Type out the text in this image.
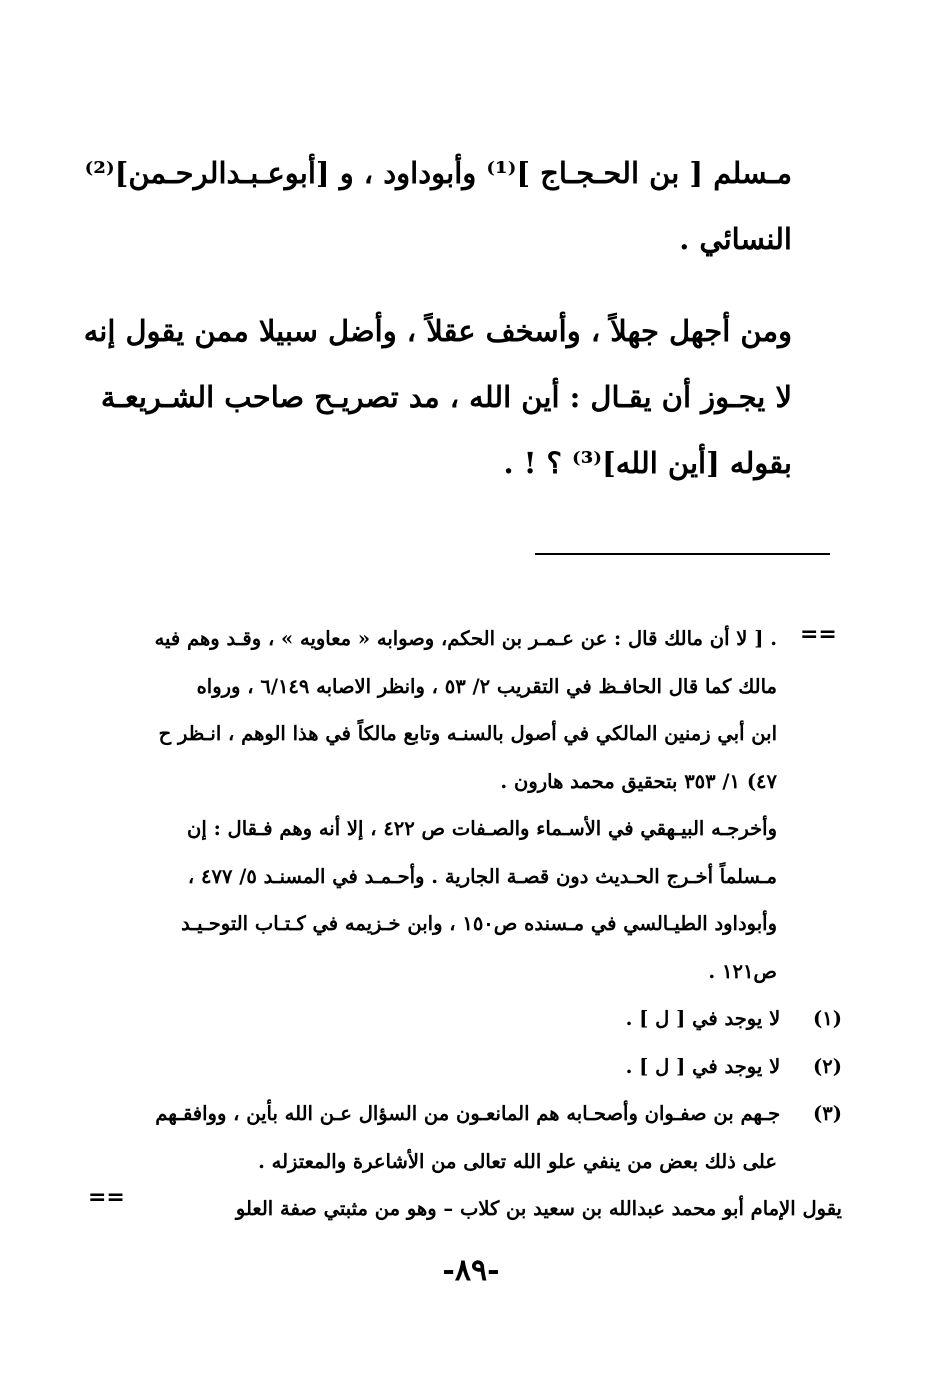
مـسلم [ بن الحـجـاج ]⁽¹⁾ وأبوداود ، و [أبوعـبـدالرحـمن]⁽²⁾
النسائي .
ومن أجهل جهلاً ، وأسخف عقلاً ، وأضل سبيلا ممن يقول إنه
لا يجـوز أن يقـال : أين الله ، مد تصريـح صاحب الشـريعـة
بقوله [أين الله]⁽³⁾ ؟ ! .
==
. [ لا أن مالك قال : عن عـمـر بن الحكم، وصوابه « معاويه » ، وقـد وهم فيه
مالك كما قال الحافـظ في التقريب ٢/ ٥٣ ، وانظر الاصابه ٦/١٤٩ ، ورواه
ابن أبي زمنين المالكي في أصول بالسنـه وتابع مالكاً في هذا الوهم ، انـظر ح
٤٧) ١/ ٣٥٣ بتحقيق محمد هارون .
وأخرجـه البيـهقي في الأسـماء والصـفات ص ٤٢٢ ، إلا أنه وهم فـقال : إن
مـسلماً أخـرج الحـديث دون قصـة الجارية . وأحـمـد في المسنـد ٥/ ٤٧٧ ،
وأبوداود الطيـالسي في مـسنده ص١٥٠ ، وابن خـزيمه في كـتـاب التوحـيـد
ص١٢١ .
(١) لا يوجد في [ ل ] .
(٢) لا يوجد في [ ل ] .
(٣) جـهم بن صفـوان وأصحـابه هم المانعـون من السؤال عـن الله بأين ، ووافقـهم
على ذلك بعض من ينفي علو الله تعالى من الأشاعرة والمعتزله .
يقول الإمام أبو محمد عبدالله بن سعيد بن كلاب – وهو من مثبتي صفة العلو
==
-٨٩-
